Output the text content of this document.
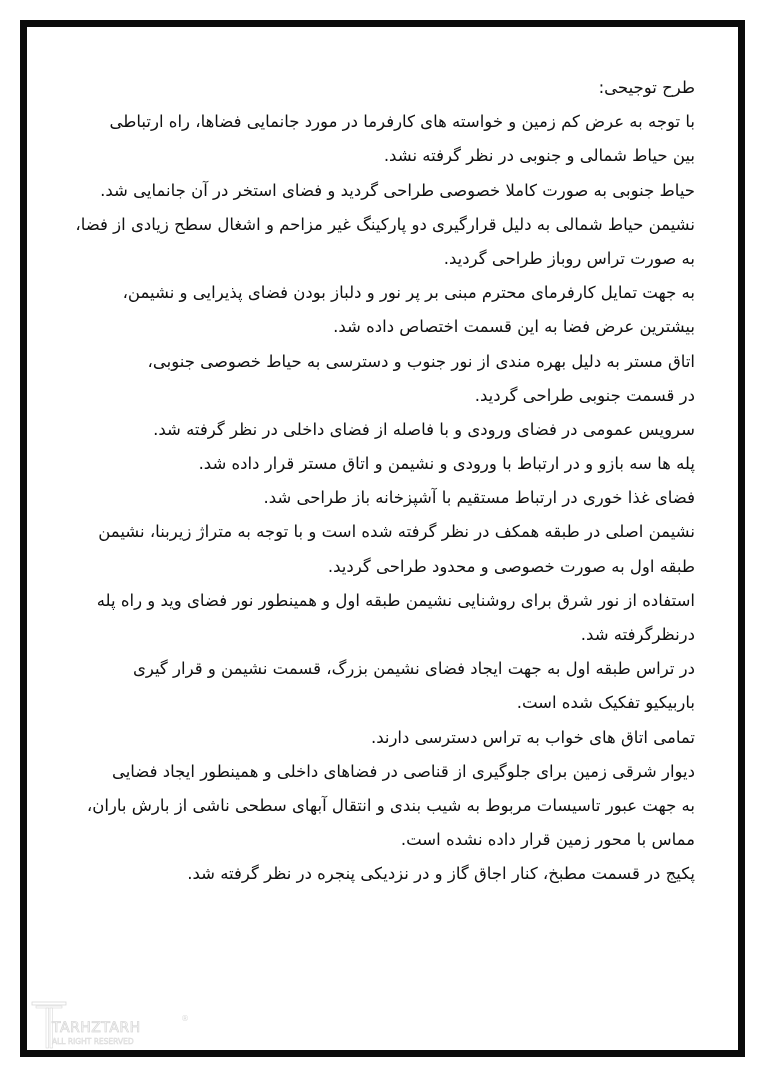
طرح توجیحی:
با توجه به عرض کم زمین و خواسته های کارفرما در مورد جانمایی فضاها، راه ارتباطی
بین حیاط شمالی و جنوبی در نظر گرفته نشد.
حیاط جنوبی به صورت کاملا خصوصی طراحی گردید و فضای استخر در آن جانمایی شد.
نشیمن حیاط شمالی به دلیل قرارگیری دو پارکینگ غیر مزاحم و اشغال سطح زیادی از فضا،
به صورت تراس روباز طراحی گردید.
به جهت تمایل کارفرمای محترم مبنی بر پر نور و دلباز بودن فضای پذیرایی و نشیمن،
بیشترین عرض فضا به این قسمت اختصاص داده شد.
اتاق مستر به دلیل بهره مندی از نور جنوب و دسترسی به حیاط خصوصی جنوبی،
در قسمت جنوبی طراحی گردید.
سرویس عمومی در فضای ورودی و با فاصله از فضای داخلی در نظر گرفته شد.
پله ها سه بازو و در ارتباط با ورودی و نشیمن و اتاق مستر قرار داده شد.
فضای غذا خوری در ارتباط مستقیم با آشپزخانه باز طراحی شد.
نشیمن اصلی در طبقه همکف در نظر گرفته شده است و با توجه به متراژ زیربنا، نشیمن
طبقه اول به صورت خصوصی و محدود طراحی گردید.
استفاده از نور شرق برای روشنایی نشیمن طبقه اول و همینطور نور فضای وید و راه پله
درنظرگرفته شد.
در تراس طبقه اول به جهت ایجاد فضای نشیمن بزرگ، قسمت نشیمن و قرار گیری
باربیکیو تفکیک شده است.
تمامی اتاق های خواب به تراس دسترسی دارند.
دیوار شرقی زمین برای جلوگیری از قناصی در فضاهای داخلی و همینطور ایجاد فضایی
به جهت عبور تاسیسات مربوط به شیب بندی و انتقال آبهای سطحی ناشی از بارش باران،
مماس با محور زمین قرار داده نشده است.
پکیج در قسمت مطبخ، کنار اجاق گاز و در نزدیکی پنجره در نظر گرفته شد.
TARHZTARH
®
ALL RIGHT RESERVED
